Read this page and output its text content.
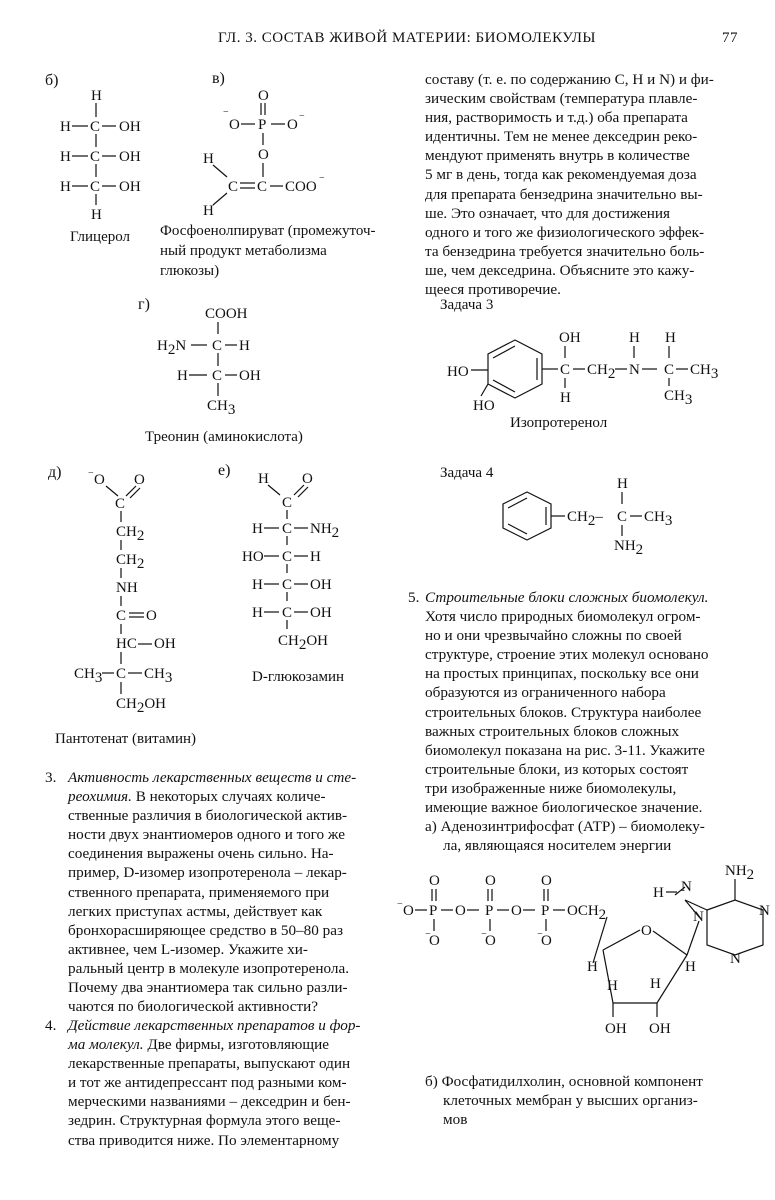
ГЛ. 3. СОСТАВ ЖИВОЙ МАТЕРИИ: БИОМОЛЕКУЛЫ	77
б)
H
H C OH
H C OH
H C OH
H
Глицерол
в)
O
−
O P O
−
O
H
C C COO
−
H
Фосфоенолпируват (промежуточ-
ный продукт метаболизма
глюкозы)
г)
COOH
H2N C H
H C OH
CH3
Треонин (аминокислота)
д)	− O O
C
CH2
CH2
NH
C O
HC OH
CH3 C CH3
CH2OH
Пантотенат (витамин)
е) H O
C
H C NH2
HO C H
H C OH
H C OH
CH2OH
D-глюкозамин

составу (т. е. по содержанию С, Н и N) и фи-

зическим свойствам (температура плавле-

ния, растворимость и т.д.) оба препарата

идентичны. Тем не менее декседрин реко-

мендуют применять внутрь в количестве

5 мг в день, тогда как рекомендуемая доза

для препарата бензедрина значительно вы-

ше. Это означает, что для достижения

одного и того же физиологического эффек-

та бензедрина требуется значительно боль-

ше, чем декседрина. Объясните это кажу-

щееся противоречие.

Задача 3
HO
HO
OH
C
H
CH2
H
N
H
C CH3
CH3
Изопротеренол
Задача 4
CH2–
H
C CH3
NH2
5. Строительные блоки сложных биомолекул.

Хотя число природных биомолекул огром-

но и они чрезвычайно сложны по своей

структуре, строение этих молекул основано

на простых принципах, поскольку все они

образуются из ограниченного набора

строительных блоков. Структура наиболее

важных строительных блоков сложных

биомолекул показана на рис. 3-11. Укажите

строительные блоки, из которых состоят

три изображенные ниже биомолекулы,

имеющие важное биологическое значение.

а) Аденозинтрифосфат (АТР) – биомолеку-

ла, являющаяся носителем энергии

O
− O P O
−
O
O
P O
−
O
O
P OCH2
−
O
O
H H
OH OH
H	H
N
N
H
NH2
N
N

б) Фосфатидилхолин, основной компонент

клеточных мембран у высших организ-

мов

3. Активность лекарственных веществ и сте-

реохимия. В некоторых случаях количе-

ственные различия в биологической актив-

ности двух энантиомеров одного и того же

соединения выражены очень сильно. На-

пример, D-изомер изопротеренола – лекар-

ственного препарата, применяемого при

легких приступах астмы, действует как

бронхорасширяющее средство в 50–80 раз

активнее, чем L-изомер. Укажите хи-

ральный центр в молекуле изопротеренола.

Почему два энантиомера так сильно разли-

чаются по биологической активности?

4. Действие лекарственных препаратов и фор-

ма молекул. Две фирмы, изготовляющие

лекарственные препараты, выпускают один

и тот же антидепрессант под разными ком-

мерческими названиями – декседрин и бен-

зедрин. Структурная формула этого веще-

ства приводится ниже. По элементарному
